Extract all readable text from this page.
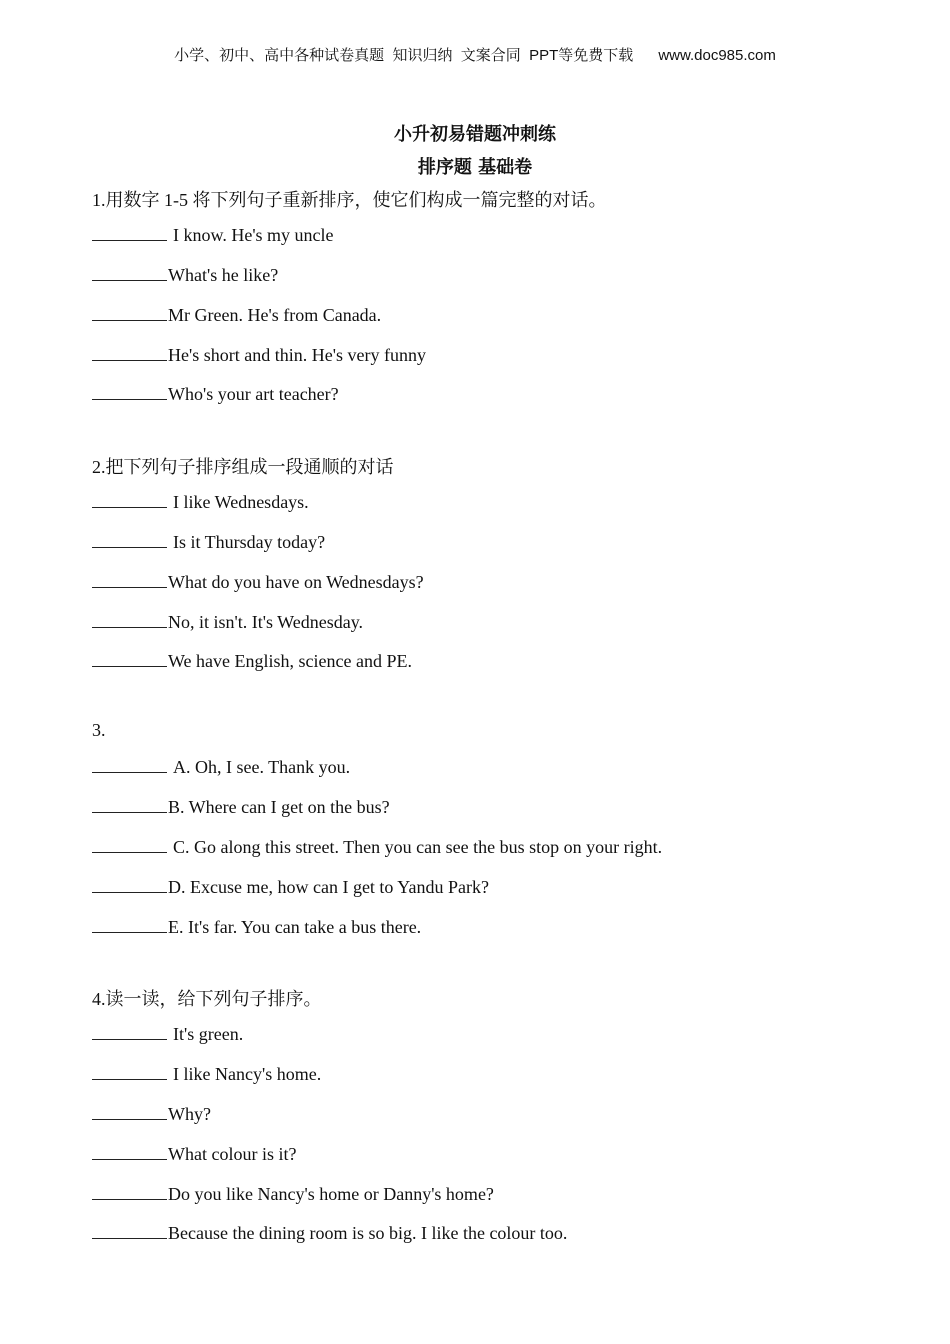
小学、初中、高中各种试卷真题  知识归纳  文案合同  PPT等免费下载 www.doc985.com
小升初易错题冲刺练
排序题 基础卷
1.用数字 1-5 将下列句子重新排序，使它们构成一篇完整的对话。
I know. He's my uncle
What's he like?
Mr Green. He's from Canada.
He's short and thin. He's very funny
Who's your art teacher?
2.把下列句子排序组成一段通顺的对话
I like Wednesdays.
Is it Thursday today?
What do you have on Wednesdays?
No, it isn't. It's Wednesday.
We have English, science and PE.
3.
A. Oh, I see. Thank you.
B. Where can I get on the bus?
C. Go along this street. Then you can see the bus stop on your right.
D. Excuse me, how can I get to Yandu Park?
E. It's far. You can take a bus there.
4.读一读，给下列句子排序。
It's green.
I like Nancy's home.
Why?
What colour is it?
Do you like Nancy's home or Danny's home?
Because the dining room is so big. I like the colour too.
